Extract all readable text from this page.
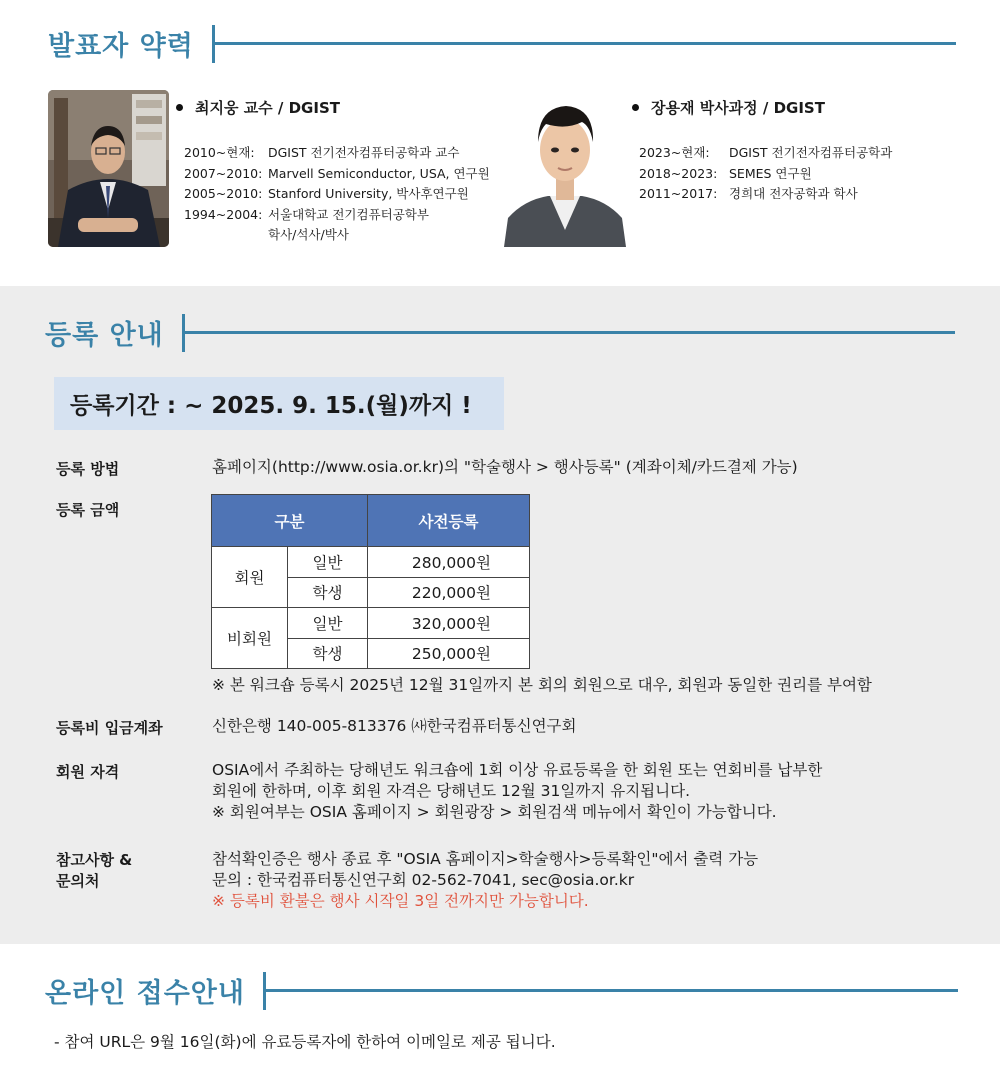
발표자 약력
최지웅 교수 / DGIST
2010~현재:	DGIST 전기전자컴퓨터공학과 교수
2007~2010: Marvell Semiconductor, USA, 연구원
2005~2010: Stanford University, 박사후연구원
1994~2004: 서울대학교 전기컴퓨터공학부
학사/석사/박사
장용재 박사과정 / DGIST
2023~현재:	DGIST 전기전자컴퓨터공학과
2018~2023: SEMES 연구원
2011~2017: 경희대 전자공학과 학사
등록 안내
등록기간 : ~ 2025. 9. 15.(월)까지 !
등록 방법	홈페이지(http://www.osia.or.kr)의 "학술행사 > 행사등록" (계좌이체/카드결제 가능)
등록 금액
구분		사전등록
회원	일반	280,000원
	학생	220,000원
비회원	일반	320,000원
	학생	250,000원
※ 본 워크숍 등록시 2025년 12월 31일까지 본 회의 회원으로 대우, 회원과 동일한 권리를 부여함
등록비 입금계좌	신한은행 140-005-813376 ㈔한국컴퓨터통신연구회
회원 자격	OSIA에서 주최하는 당해년도 워크숍에 1회 이상 유료등록을 한 회원 또는 연회비를 납부한
회원에 한하며, 이후 회원 자격은 당해년도 12월 31일까지 유지됩니다.
※ 회원여부는 OSIA 홈페이지 > 회원광장 > 회원검색 메뉴에서 확인이 가능합니다.
참고사항 &
문의처
참석확인증은 행사 종료 후 "OSIA 홈페이지>학술행사>등록확인"에서 출력 가능
문의 : 한국컴퓨터통신연구회 02-562-7041, sec@osia.or.kr
※ 등록비 환불은 행사 시작일 3일 전까지만 가능합니다.
온라인 접수안내
- 참여 URL은 9월 16일(화)에 유료등록자에 한하여 이메일로 제공 됩니다.
